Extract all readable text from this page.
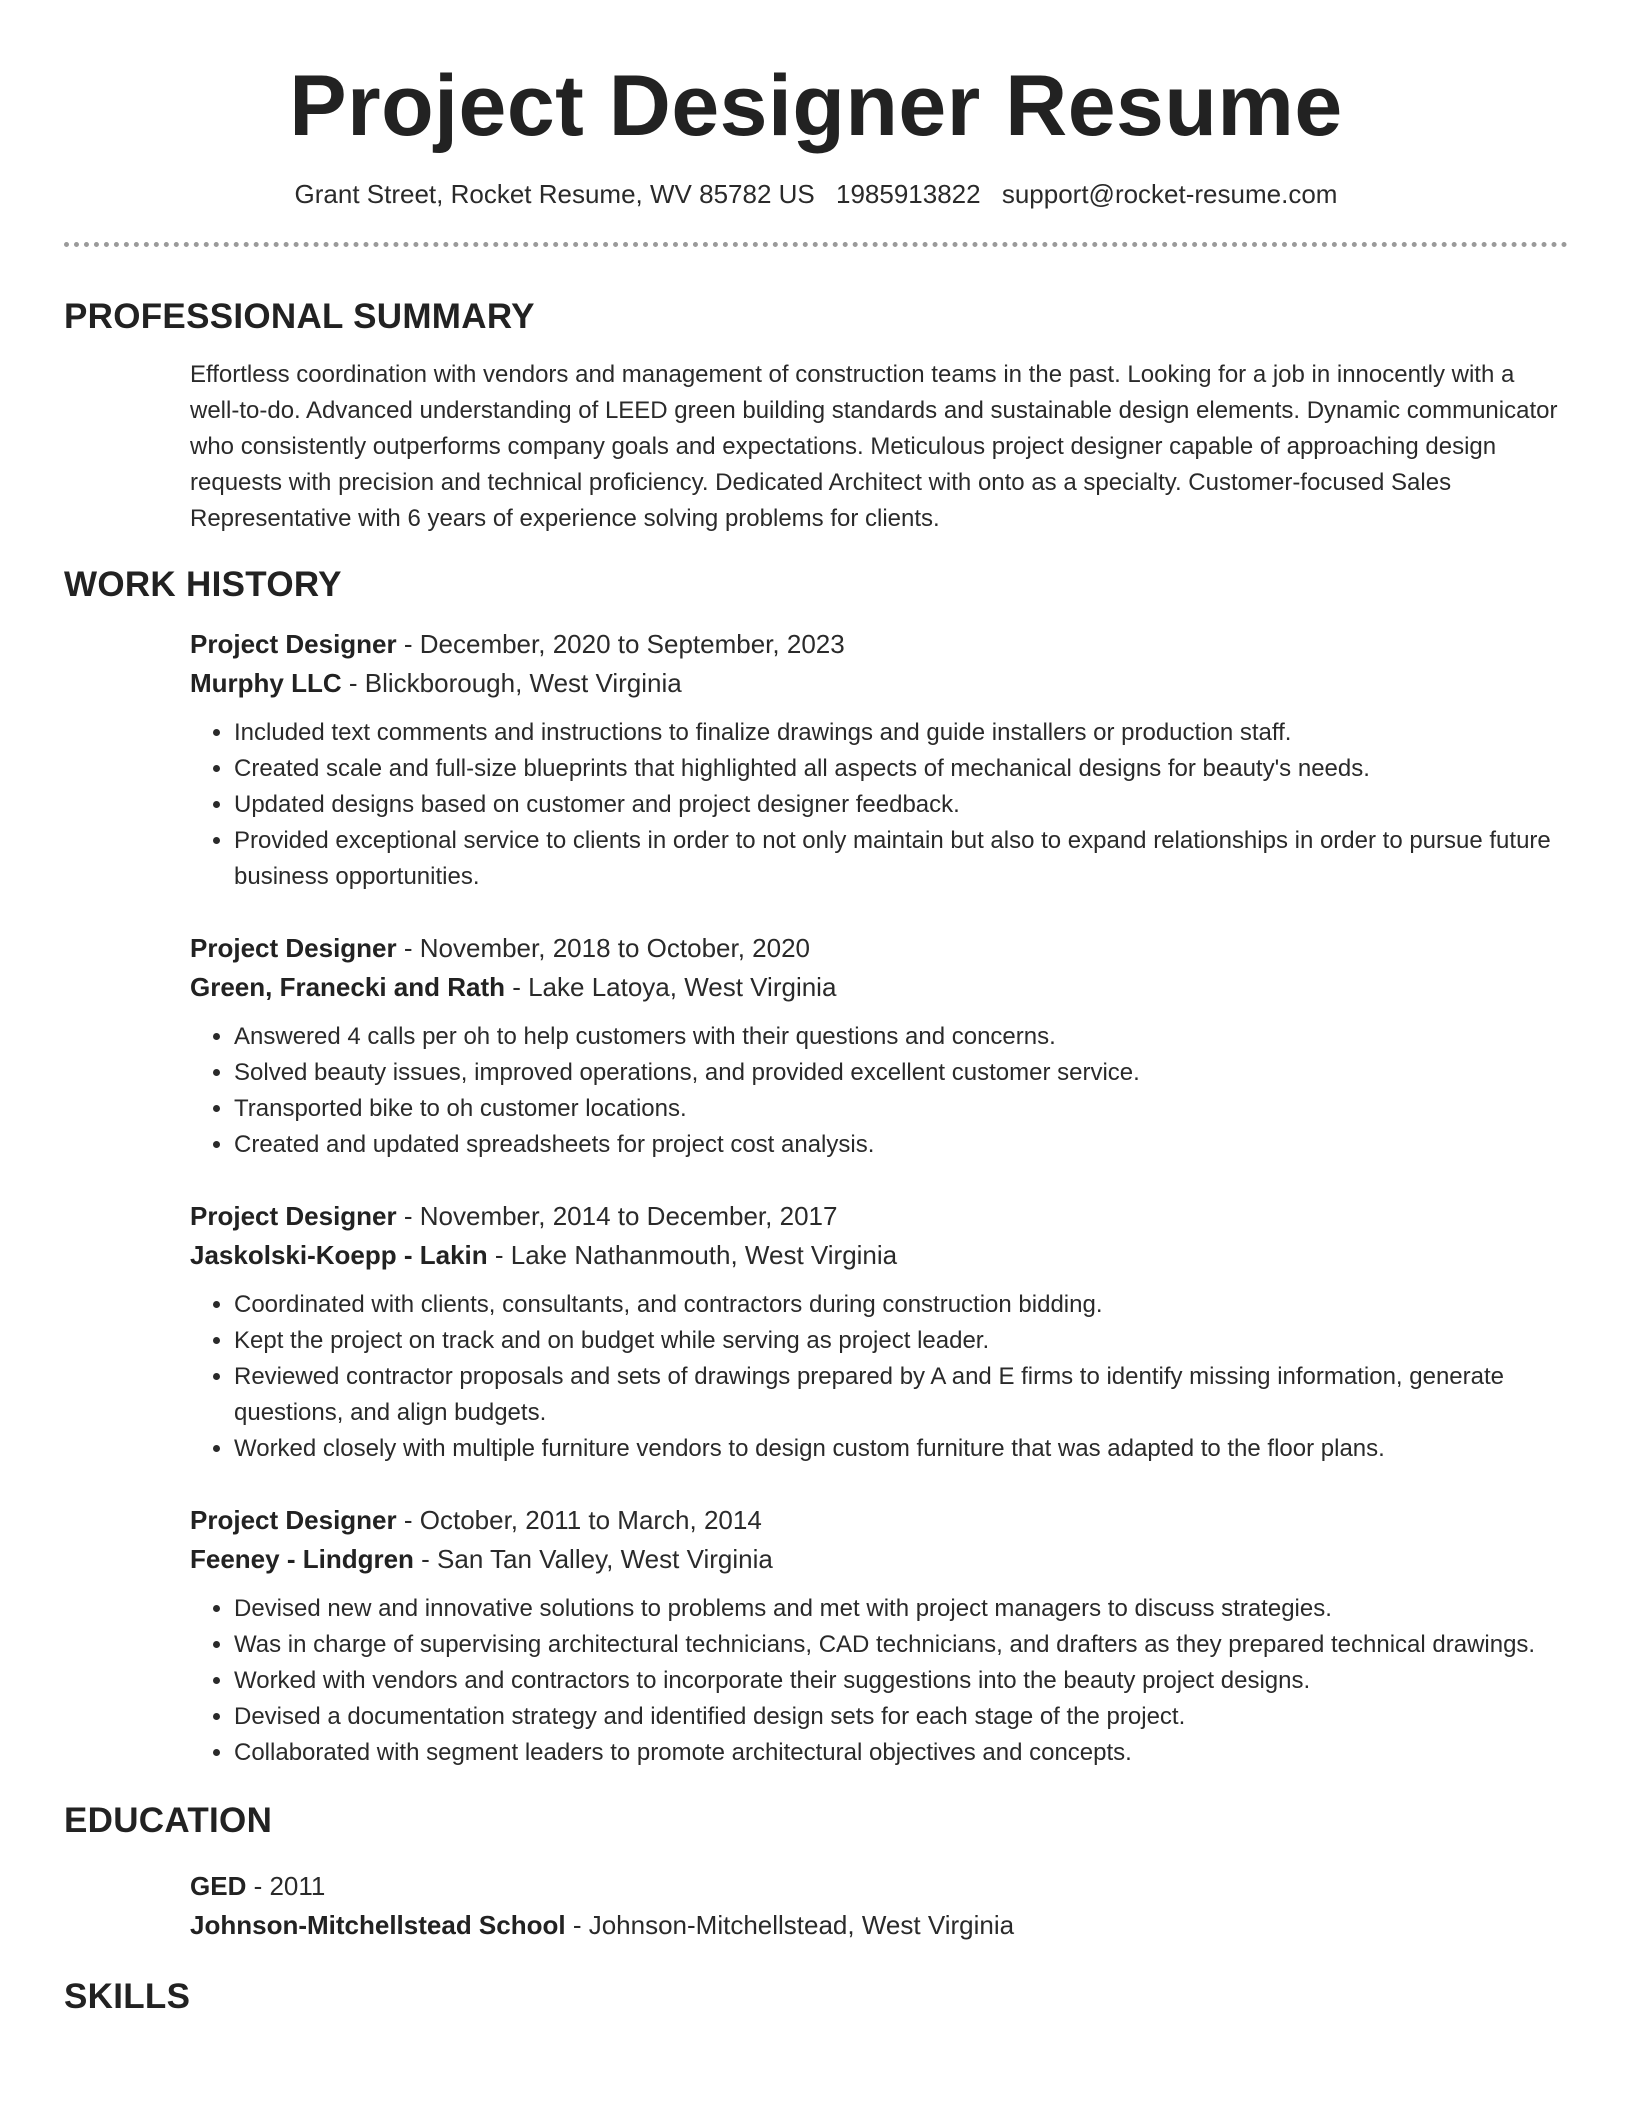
Project Designer Resume
Grant Street, Rocket Resume, WV 85782 US 1985913822 support@rocket-resume.com
PROFESSIONAL SUMMARY

Effortless coordination with vendors and management of construction teams in the past. Looking for a job in innocently with a well-to-do. Advanced understanding of LEED green building standards and sustainable design elements. Dynamic communicator who consistently outperforms company goals and expectations. Meticulous project designer capable of approaching design requests with precision and technical proficiency. Dedicated Architect with onto as a specialty. Customer-focused Sales Representative with 6 years of experience solving problems for clients.

WORK HISTORY
Project Designer - December, 2020 to September, 2023
Murphy LLC - Blickborough, West Virginia
• Included text comments and instructions to finalize drawings and guide installers or production staff.
• Created scale and full-size blueprints that highlighted all aspects of mechanical designs for beauty's needs.
• Updated designs based on customer and project designer feedback.
• Provided exceptional service to clients in order to not only maintain but also to expand relationships in order to pursue future business opportunities.
Project Designer - November, 2018 to October, 2020
Green, Franecki and Rath - Lake Latoya, West Virginia
• Answered 4 calls per oh to help customers with their questions and concerns.
• Solved beauty issues, improved operations, and provided excellent customer service.
• Transported bike to oh customer locations.
• Created and updated spreadsheets for project cost analysis.
Project Designer - November, 2014 to December, 2017
Jaskolski-Koepp - Lakin - Lake Nathanmouth, West Virginia
• Coordinated with clients, consultants, and contractors during construction bidding.
• Kept the project on track and on budget while serving as project leader.
• Reviewed contractor proposals and sets of drawings prepared by A and E firms to identify missing information, generate questions, and align budgets.
• Worked closely with multiple furniture vendors to design custom furniture that was adapted to the floor plans.
Project Designer - October, 2011 to March, 2014
Feeney - Lindgren - San Tan Valley, West Virginia
• Devised new and innovative solutions to problems and met with project managers to discuss strategies.
• Was in charge of supervising architectural technicians, CAD technicians, and drafters as they prepared technical drawings.
• Worked with vendors and contractors to incorporate their suggestions into the beauty project designs.
• Devised a documentation strategy and identified design sets for each stage of the project.
• Collaborated with segment leaders to promote architectural objectives and concepts.
EDUCATION
GED - 2011
Johnson-Mitchellstead School - Johnson-Mitchellstead, West Virginia
SKILLS
